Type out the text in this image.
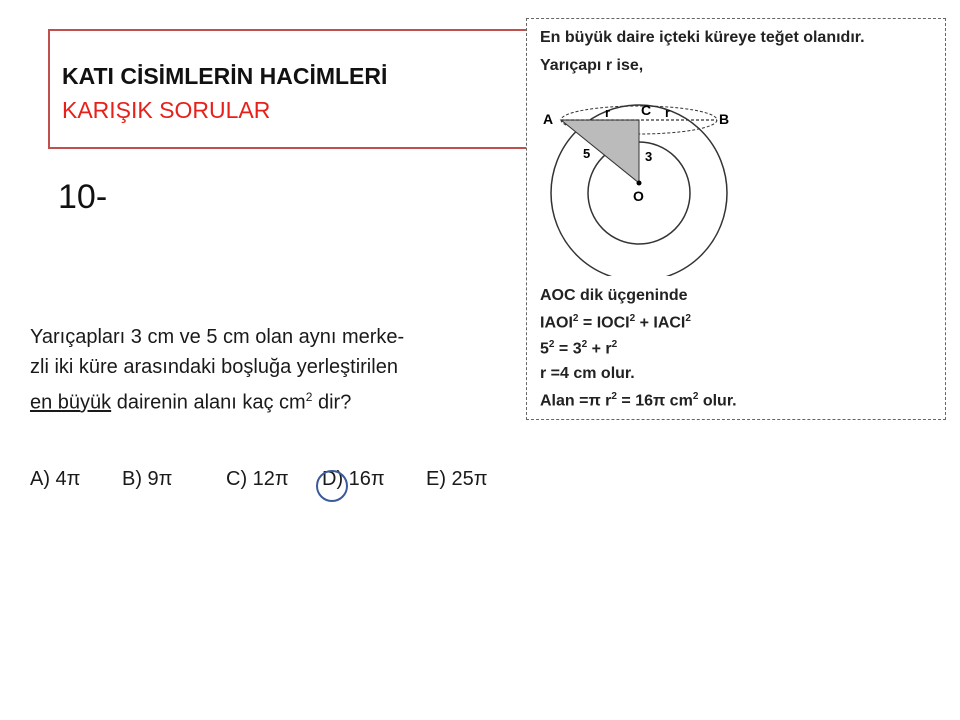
KATI CİSİMLERİN HACİMLERİ
KARIŞIK SORULAR
10-
Yarıçapları 3 cm ve 5 cm olan aynı merke-
zli iki küre arasındaki boşluğa yerleştirilen
en büyük dairenin alanı kaç $cm^2$ dir?
A) 4π B) 9π	C) 12π D) 16π E) 25π
En büyük daire içteki küreye teğet olanıdır.
Yarıçapı r ise,
A
C
B
O
r	r
5	3
AOC dik üçgeninde
$IAOI^2$ = $IOCI^2$ + $IACI^2$
$5^2 = 3^2 + r^2$
r =4 cm olur.
Alan =π $r^2 = 16\pi$ $cm^2$ olur.
